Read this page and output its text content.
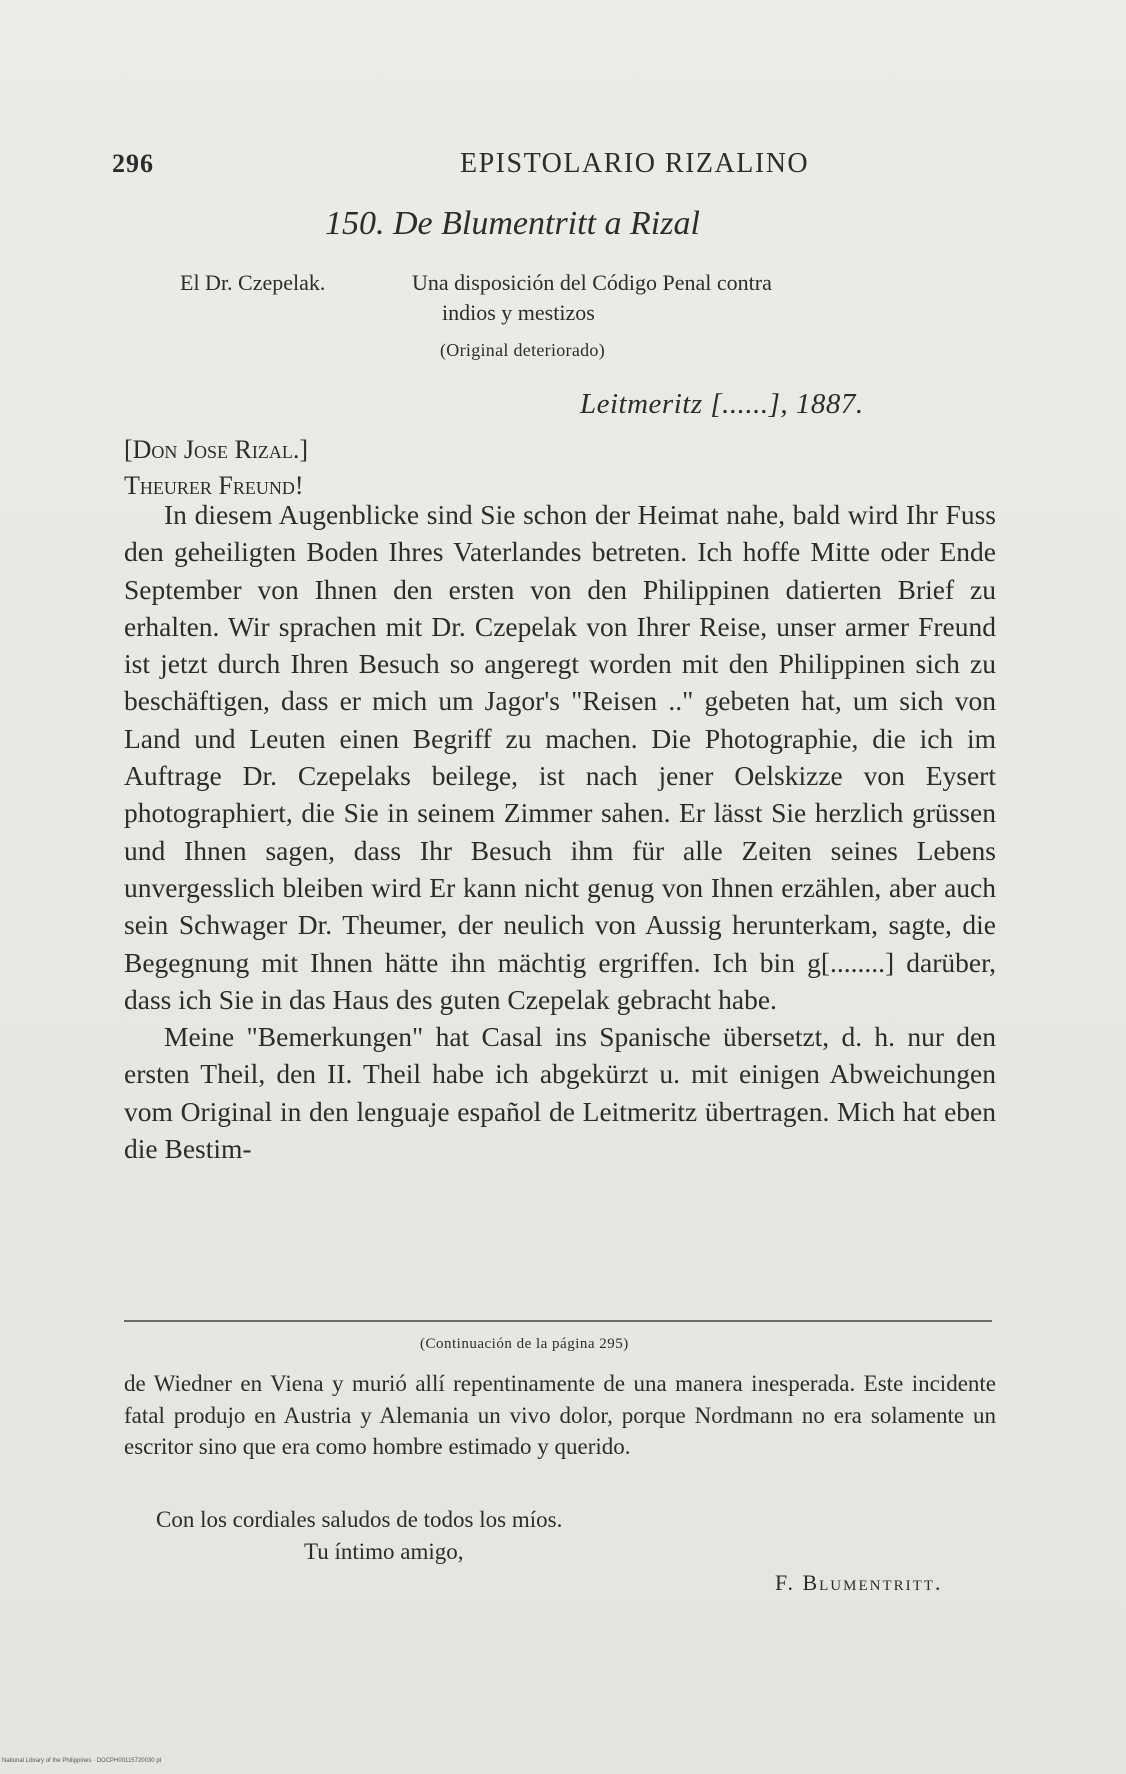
296	EPISTOLARIO RIZALINO
150. De Blumentritt a Rizal
El Dr. Czepelak.	Una disposición del Código Penal contra
indios y mestizos
(Original deteriorado)
Leitmeritz [......], 1887.
[Don Jose Rizal.]
Theurer Freund!

In diesem Augenblicke sind Sie schon der Heimat nahe, bald wird Ihr Fuss den geheiligten Boden Ihres Vaterlandes betreten. Ich hoffe Mitte oder Ende September von Ihnen den ersten von den Philippinen datierten Brief zu erhalten. Wir sprachen mit Dr. Czepelak von Ihrer Reise, unser armer Freund ist jetzt durch Ihren Besuch so angeregt worden mit den Philippinen sich zu beschäftigen, dass er mich um Jagor's "Reisen .." gebeten hat, um sich von Land und Leuten einen Begriff zu machen. Die Photographie, die ich im Auftrage Dr. Czepelaks beilege, ist nach jener Oelskizze von Eysert photographiert, die Sie in seinem Zimmer sahen. Er lässt Sie herzlich grüssen und Ihnen sagen, dass Ihr Besuch ihm für alle Zeiten seines Lebens unvergesslich bleiben wird Er kann nicht genug von Ihnen erzählen, aber auch sein Schwager Dr. Theumer, der neulich von Aussig herunterkam, sagte, die Begegnung mit Ihnen hätte ihn mächtig ergriffen. Ich bin g[........] darüber, dass ich Sie in das Haus des guten Czepelak gebracht habe.

Meine "Bemerkungen" hat Casal ins Spanische übersetzt, d. h. nur den ersten Theil, den II. Theil habe ich abgekürzt u. mit einigen Abweichungen vom Original in den lenguaje español de Leitmeritz übertragen. Mich hat eben die Bestim-

(Continuación de la página 295)
de Wiedner en Viena y murió allí repentinamente de una manera inesperada. Este incidente fatal produjo en Austria y Alemania un vivo dolor, porque Nordmann no era solamente un escritor sino que era como hombre estimado y querido.
Con los cordiales saludos de todos los míos.
Tu íntimo amigo,
F. Blumentritt.
National Library of the Philippines · DOCPH00115720030 pt
